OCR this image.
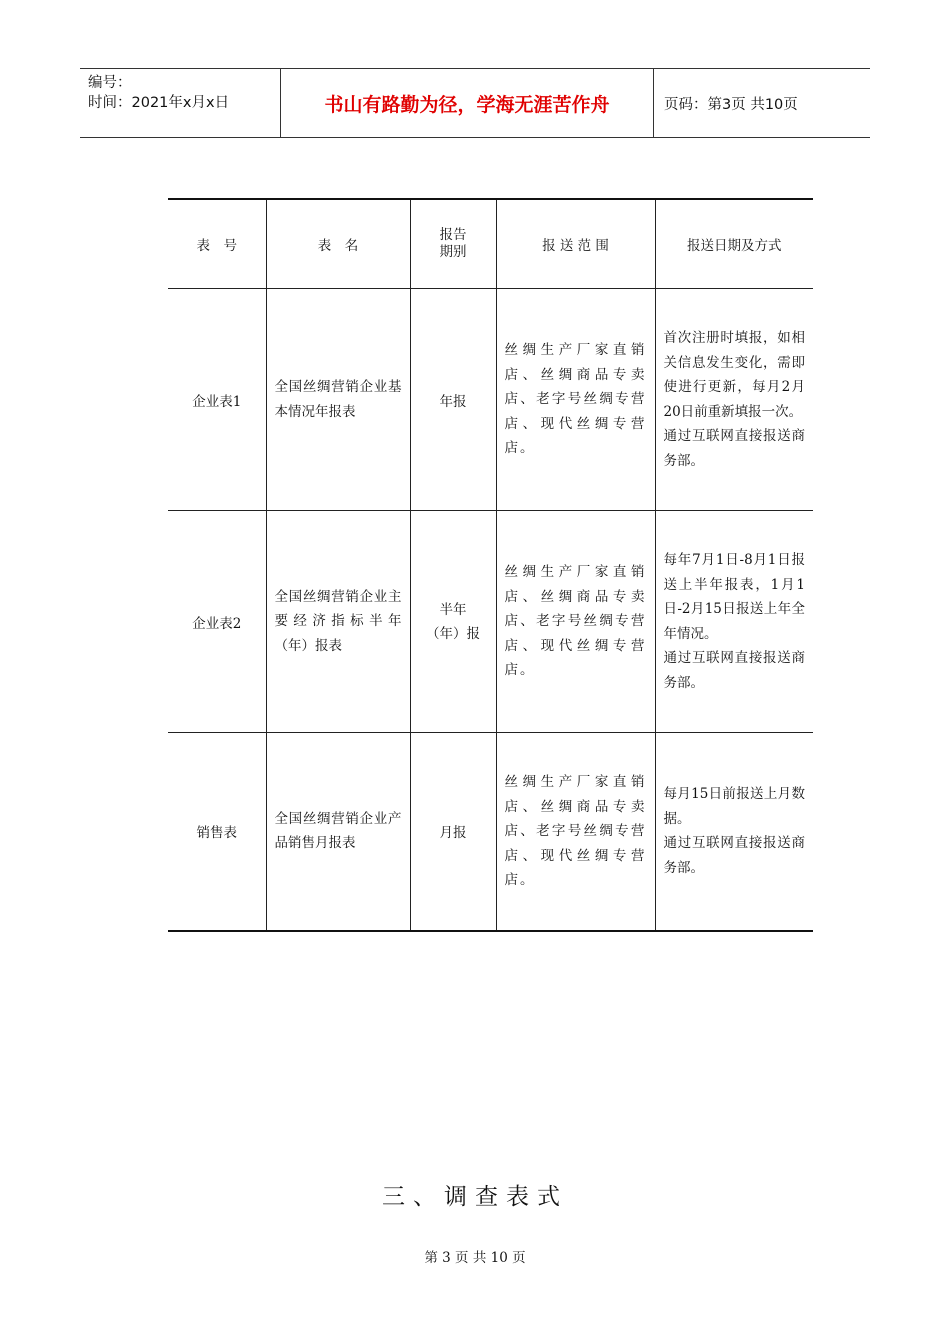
编号：
时间：2021年x月x日	书山有路勤为径，学海无涯苦作舟	页码：第3页 共10页
表　号	表　名	报告期别	报 送 范 围	报送日期及方式
企业表1	全国丝绸营销企业基本情况年报表	年报	丝绸生产厂家直销店、丝绸商品专卖店、老字号丝绸专营店、现代丝绸专营店。	首次注册时填报，如相关信息发生变化，需即使进行更新，每月2月20日前重新填报一次。
通过互联网直接报送商务部。

企业表2	全国丝绸营销企业主要经济指标半年（年）报表	半年（年）报	丝绸生产厂家直销店、丝绸商品专卖店、老字号丝绸专营店、现代丝绸专营店。	每年7月1日-8月1日报送上半年报表，1月1日-2月15日报送上年全年情况。
通过互联网直接报送商务部。

销售表	全国丝绸营销企业产品销售月报表	月报	丝绸生产厂家直销店、丝绸商品专卖店、老字号丝绸专营店、现代丝绸专营店。	每月15日前报送上月数据。
通过互联网直接报送商务部。
三、调查表式
第 3 页 共 10 页
